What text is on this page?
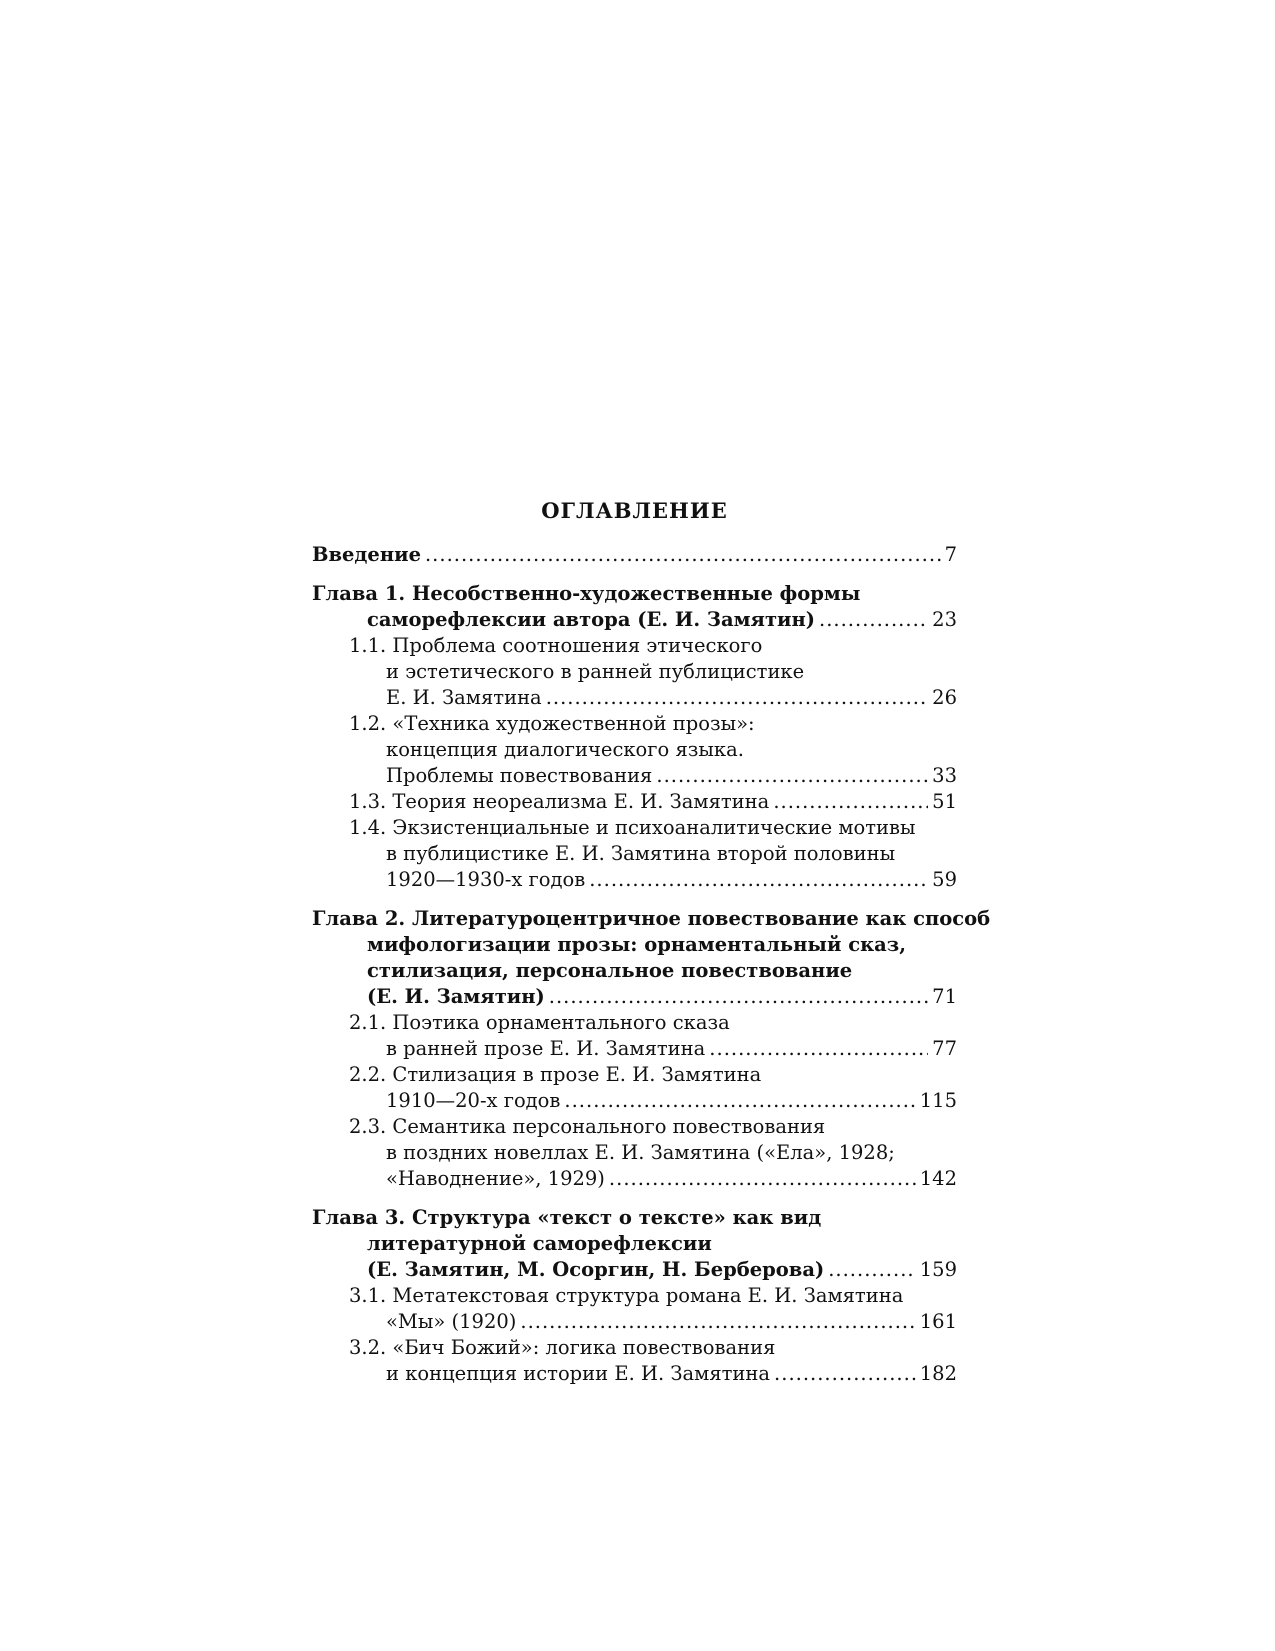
ОГЛАВЛЕНИЕ
Введение .....	7
Глава 1. Несобственно-художественные формы
саморефлексии автора (Е. И. Замятин) .....	23
1.1. Проблема соотношения этического
и эстетического в ранней публицистике
Е. И. Замятина .....	26
1.2. «Техника художественной прозы»:
концепция диалогического языка.
Проблемы повествования .....	33
1.3. Теория неореализма Е. И. Замятина .....	51
1.4. Экзистенциальные и психоаналитические мотивы
в публицистике Е. И. Замятина второй половины
1920—1930-х годов .....	59
Глава 2. Литературоцентричное повествование как способ
мифологизации прозы: орнаментальный сказ,
стилизация, персональное повествование
(Е. И. Замятин) .....	71
2.1. Поэтика орнаментального сказа
в ранней прозе Е. И. Замятина .....	77
2.2. Стилизация в прозе Е. И. Замятина
1910—20-х годов .....	115
2.3. Семантика персонального повествования
в поздних новеллах Е. И. Замятина («Ела», 1928;
«Наводнение», 1929) .....	142
Глава 3. Структура «текст о тексте» как вид
литературной саморефлексии
(Е. Замятин, М. Осоргин, Н. Берберова) .....	159
3.1. Метатекстовая структура романа Е. И. Замятина
«Мы» (1920) .....	161
3.2. «Бич Божий»: логика повествования
и концепция истории Е. И. Замятина .....	182
